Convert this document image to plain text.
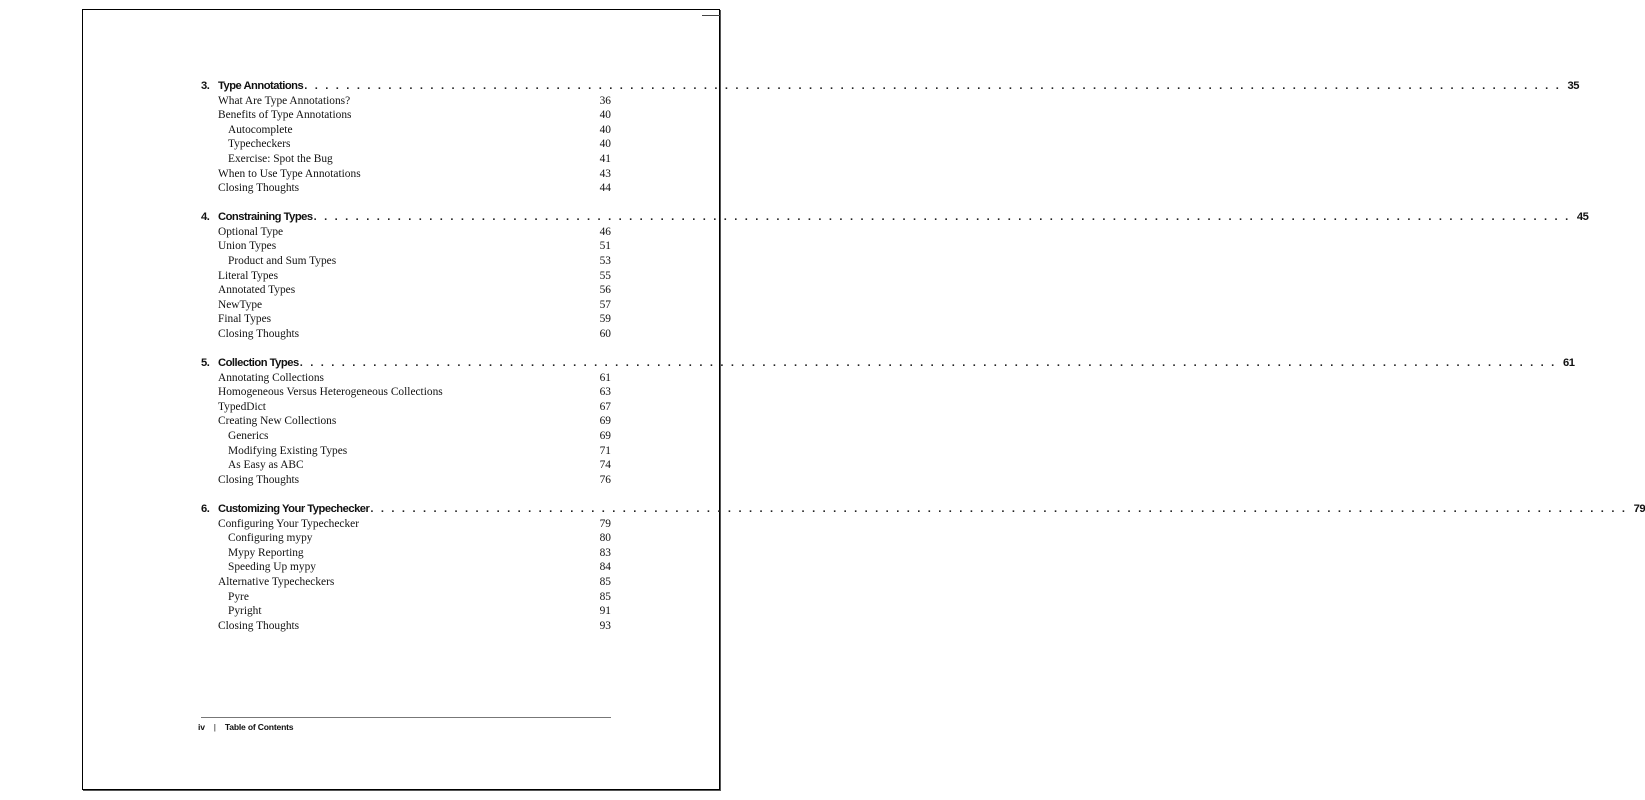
3. Type Annotations . . . . . . . . . . . . . . . . . . . . . . . . . . . . . . . . . . . . . . . . . . . . . . . . . . . . . . . . . . . . . . . . . . . . . . . . . . . . . . . . . . . . . . . . . . . . . . . . . . . . . . . . . . . . . . . . . . . . . . . . 35
What Are Type Annotations?	36
Benefits of Type Annotations	40
Autocomplete	40
Typecheckers	40
Exercise: Spot the Bug	41
When to Use Type Annotations	43
Closing Thoughts	44
4. Constraining Types . . . . . . . . . . . . . . . . . . . . . . . . . . . . . . . . . . . . . . . . . . . . . . . . . . . . . . . . . . . . . . . . . . . . . . . . . . . . . . . . . . . . . . . . . . . . . . . . . . . . . . . . . . . . . . . . . . . . . . . . 45
Optional Type	46
Union Types	51
Product and Sum Types	53
Literal Types	55
Annotated Types	56
NewType	57
Final Types	59
Closing Thoughts	60
5. Collection Types . . . . . . . . . . . . . . . . . . . . . . . . . . . . . . . . . . . . . . . . . . . . . . . . . . . . . . . . . . . . . . . . . . . . . . . . . . . . . . . . . . . . . . . . . . . . . . . . . . . . . . . . . . . . . . . . . . . . . . . . 61
Annotating Collections	61
Homogeneous Versus Heterogeneous Collections	63
TypedDict	67
Creating New Collections	69
Generics	69
Modifying Existing Types	71
As Easy as ABC	74
Closing Thoughts	76
6. Customizing Your Typechecker . . . . . . . . . . . . . . . . . . . . . . . . . . . . . . . . . . . . . . . . . . . . . . . . . . . . . . . . . . . . . . . . . . . . . . . . . . . . . . . . . . . . . . . . . . . . . . . . . . . . . . . . . . . . . . . . . . . . . . . . 79
Configuring Your Typechecker	79
Configuring mypy	80
Mypy Reporting	83
Speeding Up mypy	84
Alternative Typecheckers	85
Pyre	85
Pyright	91
Closing Thoughts	93
iv | Table of Contents
